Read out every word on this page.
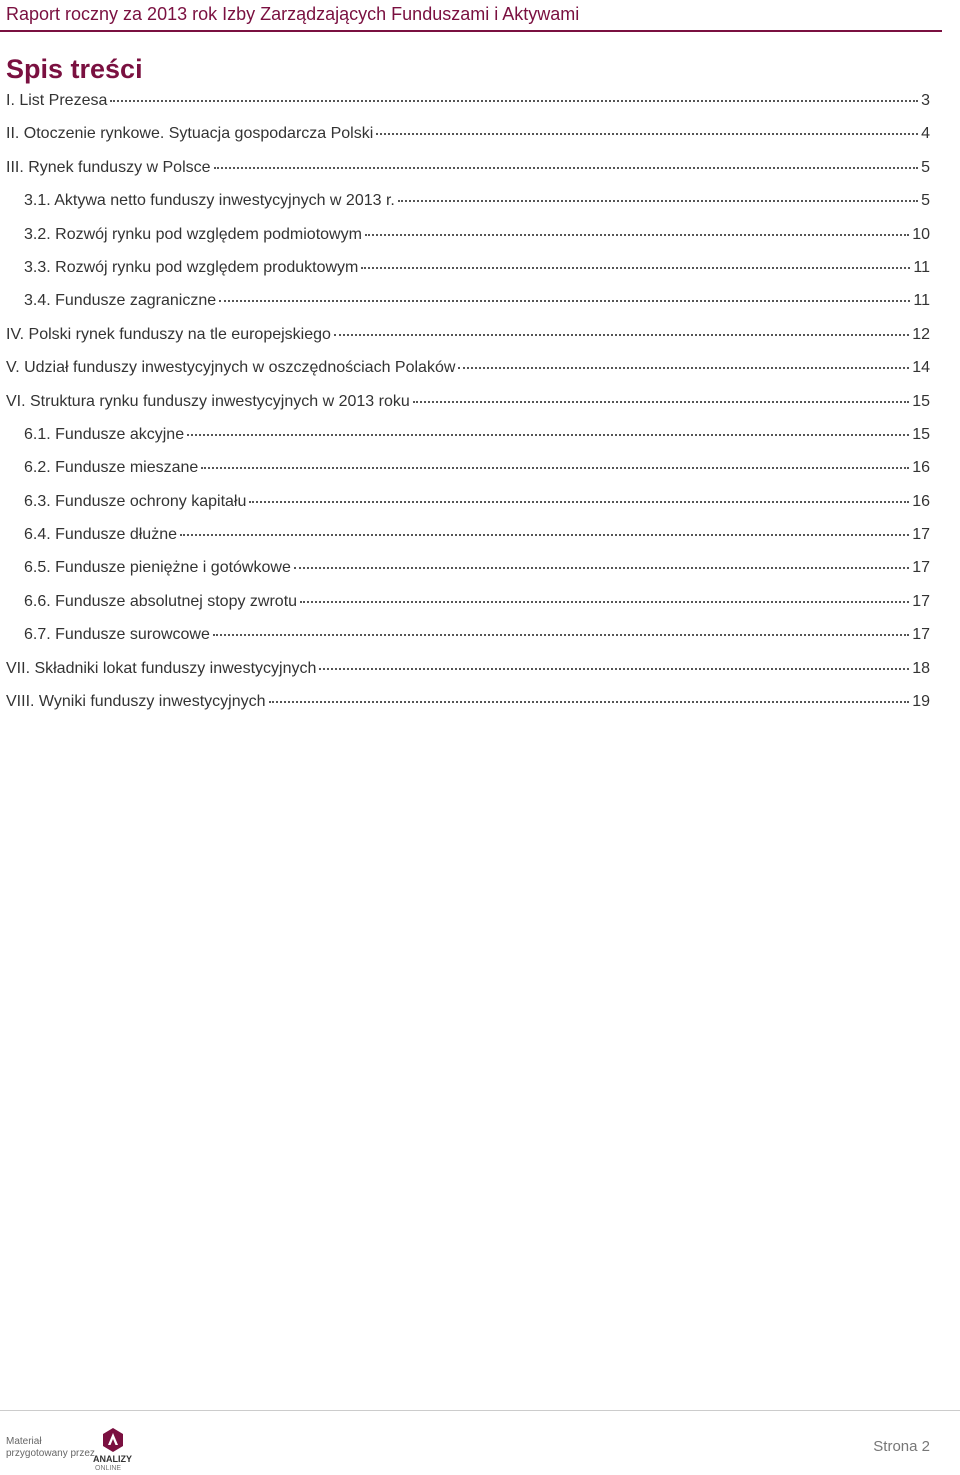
Raport roczny za 2013 rok Izby Zarządzających Funduszami i Aktywami
Spis treści
I. List Prezesa	3
II. Otoczenie rynkowe. Sytuacja gospodarcza Polski	4
III. Rynek funduszy w Polsce	5
3.1. Aktywa netto funduszy inwestycyjnych w 2013 r.	5
3.2. Rozwój rynku pod względem podmiotowym	10
3.3. Rozwój rynku pod względem produktowym	11
3.4. Fundusze zagraniczne	11
IV. Polski rynek funduszy na tle europejskiego	12
V. Udział funduszy inwestycyjnych w oszczędnościach Polaków	14
VI. Struktura rynku funduszy inwestycyjnych w 2013 roku	15
6.1. Fundusze akcyjne	15
6.2. Fundusze mieszane	16
6.3. Fundusze ochrony kapitału	16
6.4. Fundusze dłużne	17
6.5. Fundusze pieniężne i gotówkowe	17
6.6. Fundusze absolutnej stopy zwrotu	17
6.7. Fundusze surowcowe	17
VII. Składniki lokat funduszy inwestycyjnych	18
VIII. Wyniki funduszy inwestycyjnych	19
Materiał
przygotowany przez
ANALIZY
ONLINE
Strona 2
